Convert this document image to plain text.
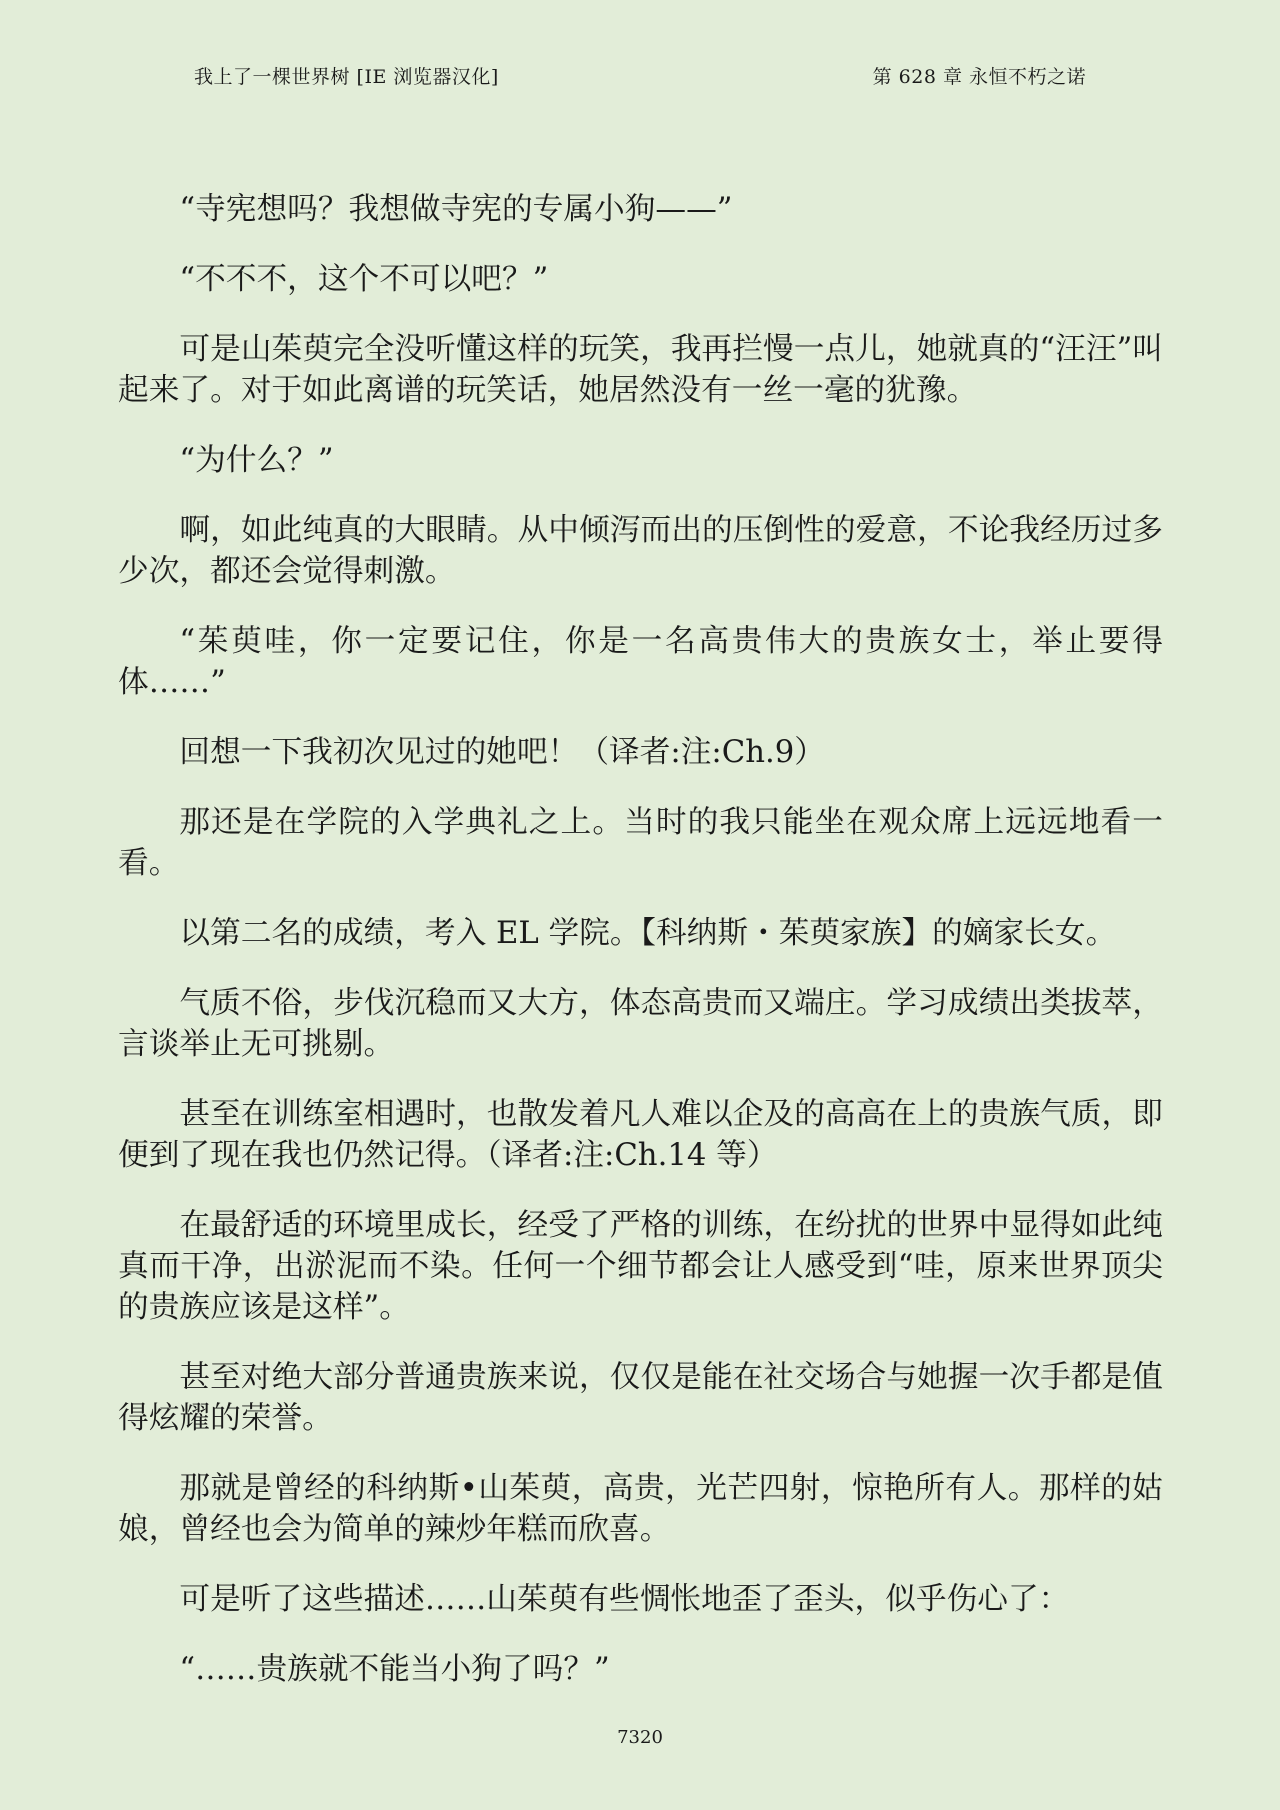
我上了一棵世界树 [IE 浏览器汉化]	第 628 章 永恒不朽之诺

“寺宪想吗？我想做寺宪的专属小狗——”

“不不不，这个不可以吧？”

可是山茱萸完全没听懂这样的玩笑，我再拦慢一点儿，她就真的“汪汪”叫起来了。对于如此离谱的玩笑话，她居然没有一丝一毫的犹豫。

“为什么？”

啊，如此纯真的大眼睛。从中倾泻而出的压倒性的爱意，不论我经历过多少次，都还会觉得刺激。

“茱萸哇，你一定要记住，你是一名高贵伟大的贵族女士，举止要得体……”

回想一下我初次见过的她吧！（译者:注:Ch.9）

那还是在学院的入学典礼之上。当时的我只能坐在观众席上远远地看一看。

以第二名的成绩，考入 EL 学院。【科纳斯・茱萸家族】的嫡家长女。

气质不俗，步伐沉稳而又大方，体态高贵而又端庄。学习成绩出类拔萃，言谈举止无可挑剔。

甚至在训练室相遇时，也散发着凡人难以企及的高高在上的贵族气质，即便到了现在我也仍然记得。（译者:注:Ch.14 等）

在最舒适的环境里成长，经受了严格的训练，在纷扰的世界中显得如此纯真而干净，出淤泥而不染。任何一个细节都会让人感受到“哇，原来世界顶尖的贵族应该是这样”。

甚至对绝大部分普通贵族来说，仅仅是能在社交场合与她握一次手都是值得炫耀的荣誉。

那就是曾经的科纳斯•山茱萸，高贵，光芒四射，惊艳所有人。那样的姑娘，曾经也会为简单的辣炒年糕而欣喜。

可是听了这些描述……山茱萸有些惆怅地歪了歪头，似乎伤心了：

“……贵族就不能当小狗了吗？”

7320
